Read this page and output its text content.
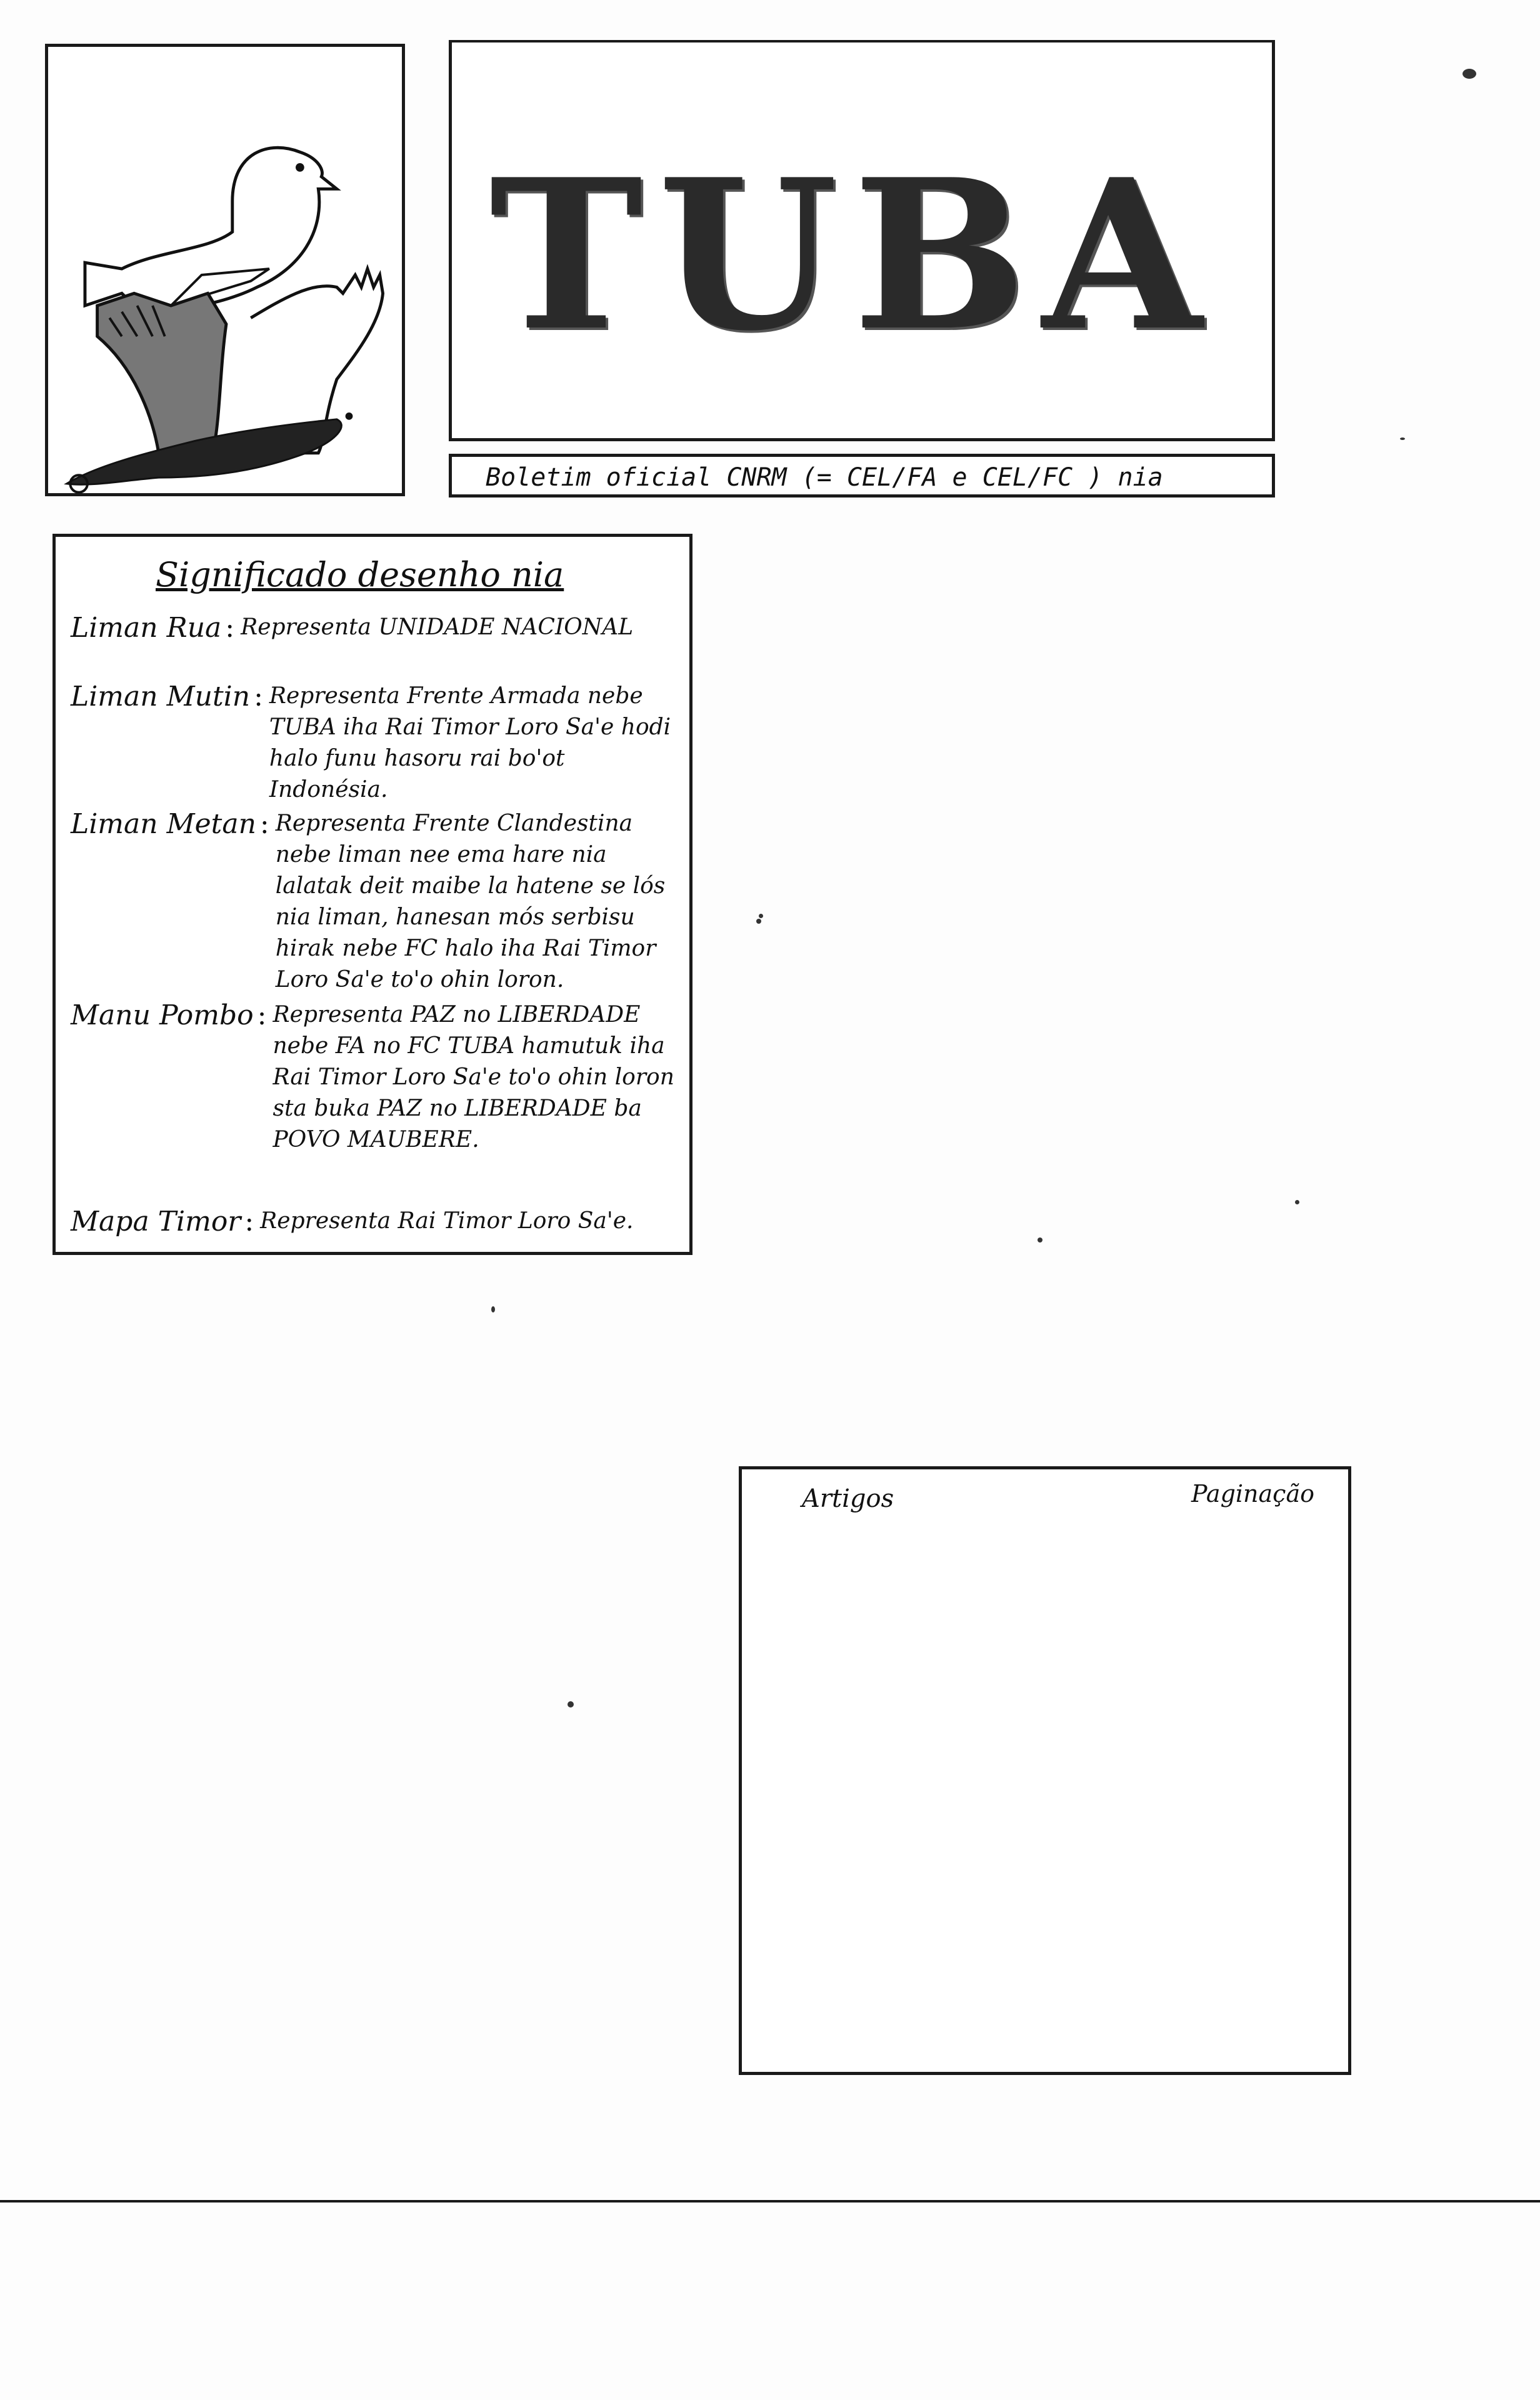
TUBA
Boletim oficial CNRM (= CEL/FA e CEL/FC ) nia
Significado desenho nia
Liman Rua : Representa UNIDADE NACIONAL
Liman Mutin : Representa Frente Armada nebe TUBA iha Rai Timor Loro Sa'e hodi halo funu hasoru rai bo'ot Indonésia.
Liman Metan : Representa Frente Clandestina nebe liman nee ema hare nia lalatak deit maibe la hatene se lós nia liman, hanesan mós serbisu hirak nebe FC halo iha Rai Timor Loro Sa'e to'o ohin loron.
Manu Pombo : Representa PAZ no LIBERDADE nebe FA no FC TUBA hamutuk iha Rai Timor Loro Sa'e to'o ohin loron sta buka PAZ no LIBERDADE ba POVO MAUBERE.
Mapa Timor : Representa Rai Timor Loro Sa'e.
Artigos	Paginação
